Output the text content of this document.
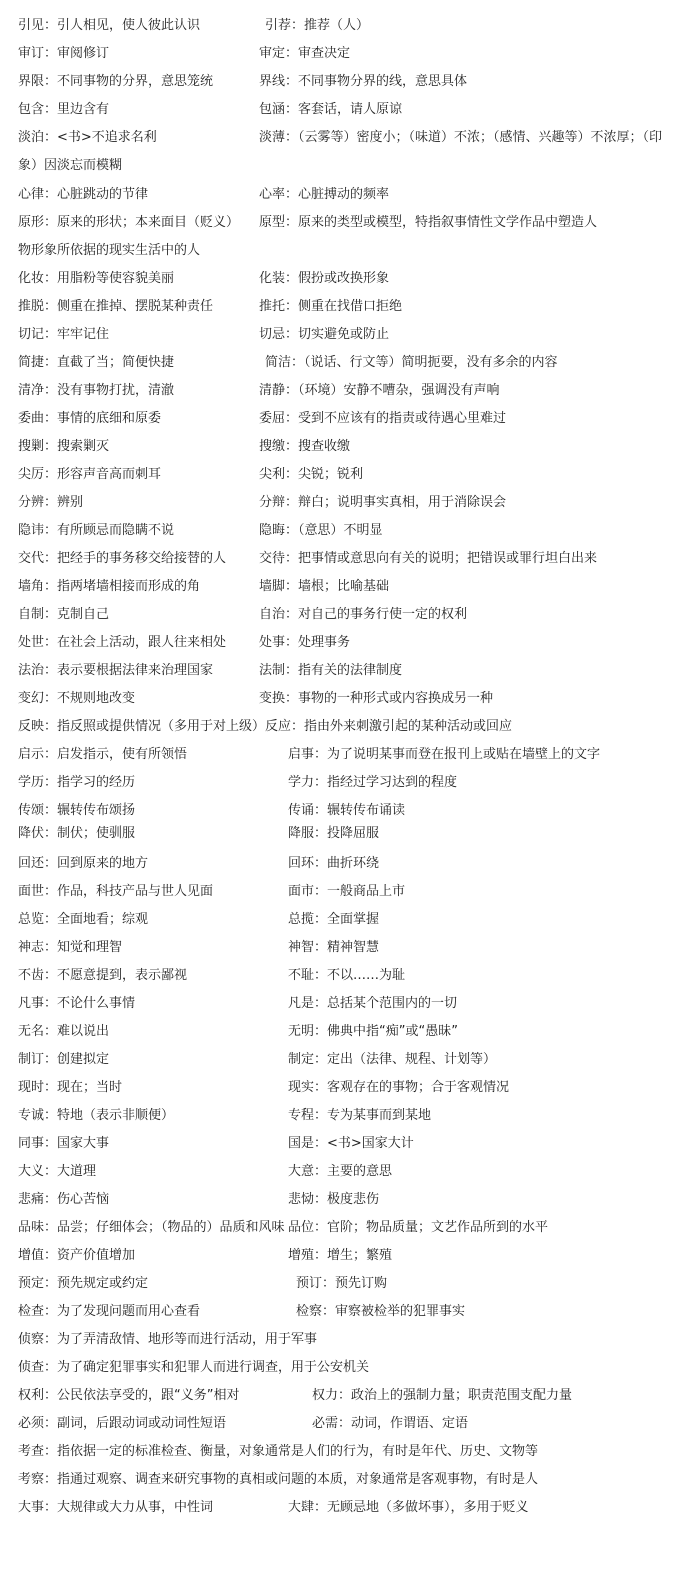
引见：引人相见，使人彼此认识	引荐：推荐（人）
审订：审阅修订	审定：审查决定
界限：不同事物的分界，意思笼统	界线：不同事物分界的线，意思具体
包含：里边含有	包涵：客套话，请人原谅
淡泊：<书>不追求名利	淡薄：（云雾等）密度小；（味道）不浓；（感情、兴趣等）不浓厚；（印
象）因淡忘而模糊
心律：心脏跳动的节律	心率：心脏搏动的频率
原形：原来的形状；本来面目（贬义） 原型：原来的类型或模型，特指叙事情性文学作品中塑造人
物形象所依据的现实生活中的人
化妆：用脂粉等使容貌美丽	化装：假扮或改换形象
推脱：侧重在推掉、摆脱某种责任	推托：侧重在找借口拒绝
切记：牢牢记住	切忌：切实避免或防止
简捷：直截了当；简便快捷	简洁：（说话、行文等）简明扼要，没有多余的内容
清净：没有事物打扰，清澈	清静：（环境）安静不嘈杂，强调没有声响
委曲：事情的底细和原委	委屈：受到不应该有的指责或待遇心里难过
搜剿：搜索剿灭	搜缴：搜查收缴
尖厉：形容声音高而刺耳	尖利：尖锐；锐利
分辨：辨别	分辩：辩白；说明事实真相，用于消除误会
隐讳：有所顾忌而隐瞒不说	隐晦：（意思）不明显
交代：把经手的事务移交给接替的人	交待：把事情或意思向有关的说明；把错误或罪行坦白出来
墙角：指两堵墙相接而形成的角	墙脚：墙根；比喻基础
自制：克制自己	自治：对自己的事务行使一定的权利
处世：在社会上活动，跟人往来相处	处事：处理事务
法治：表示要根据法律来治理国家	法制：指有关的法律制度
变幻：不规则地改变	变换：事物的一种形式或内容换成另一种
反映：指反照或提供情况（多用于对上级） 反应：指由外来刺激引起的某种活动或回应
启示：启发指示，使有所领悟	启事：为了说明某事而登在报刊上或贴在墙壁上的文字
学历：指学习的经历	学力：指经过学习达到的程度
传颂：辗转传布颂扬	传诵：辗转传布诵读
降伏：制伏；使驯服	降服：投降屈服
回还：回到原来的地方	回环：曲折环绕
面世：作品，科技产品与世人见面	面市：一般商品上市
总览：全面地看；综观	总揽：全面掌握
神志：知觉和理智	神智：精神智慧
不齿：不愿意提到，表示鄙视	不耻：不以……为耻
凡事：不论什么事情	凡是：总括某个范围内的一切
无名：难以说出	无明：佛典中指“痴”或“愚昧”
制订：创建拟定	制定：定出（法律、规程、计划等）
现时：现在；当时	现实：客观存在的事物；合于客观情况
专诚：特地（表示非顺便）	专程：专为某事而到某地
同事：国家大事	国是：<书>国家大计
大义：大道理	大意：主要的意思
悲痛：伤心苦恼	悲恸：极度悲伤
品味：品尝；仔细体会；（物品的）品质和风味 品位：官阶；物品质量；文艺作品所到的水平
增值：资产价值增加	增殖：增生；繁殖
预定：预先规定或约定	预订：预先订购
检查：为了发现问题而用心查看	检察：审察被检举的犯罪事实
侦察：为了弄清敌情、地形等而进行活动，用于军事
侦查：为了确定犯罪事实和犯罪人而进行调查，用于公安机关
权利：公民依法享受的，跟“义务”相对	权力：政治上的强制力量；职责范围支配力量
必须：副词，后跟动词或动词性短语	必需：动词，作谓语、定语
考查：指依据一定的标准检查、衡量，对象通常是人们的行为，有时是年代、历史、文物等
考察：指通过观察、调查来研究事物的真相或问题的本质，对象通常是客观事物，有时是人
大事：大规律或大力从事，中性词	大肆：无顾忌地（多做坏事），多用于贬义
